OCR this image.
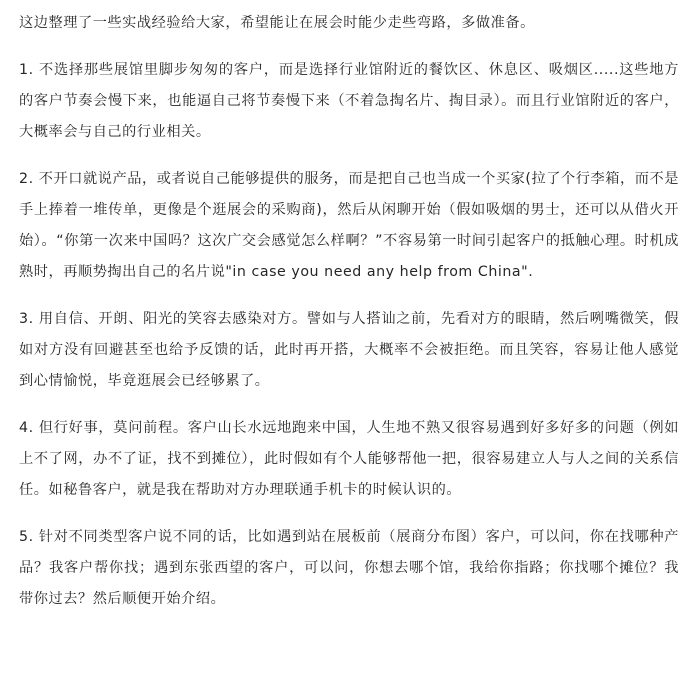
这边整理了一些实战经验给大家，希望能让在展会时能少走些弯路，多做准备。

1. 不选择那些展馆里脚步匆匆的客户，而是选择行业馆附近的餐饮区、休息区、吸烟区.....这些地方的客户节奏会慢下来，也能逼自己将节奏慢下来（不着急掏名片、掏目录）。而且行业馆附近的客户，大概率会与自己的行业相关。

2. 不开口就说产品，或者说自己能够提供的服务，而是把自己也当成一个买家(拉了个行李箱，而不是手上捧着一堆传单，更像是个逛展会的采购商)，然后从闲聊开始（假如吸烟的男士，还可以从借火开始）。“你第一次来中国吗？这次广交会感觉怎么样啊？”不容易第一时间引起客户的抵触心理。时机成熟时，再顺势掏出自己的名片说"in case you need any help from China".

3. 用自信、开朗、阳光的笑容去感染对方。譬如与人搭讪之前，先看对方的眼睛，然后咧嘴微笑，假如对方没有回避甚至也给予反馈的话，此时再开搭，大概率不会被拒绝。而且笑容，容易让他人感觉到心情愉悦，毕竟逛展会已经够累了。

4. 但行好事，莫问前程。客户山长水远地跑来中国，人生地不熟又很容易遇到好多好多的问题（例如上不了网，办不了证，找不到摊位），此时假如有个人能够帮他一把，很容易建立人与人之间的关系信任。如秘鲁客户，就是我在帮助对方办理联通手机卡的时候认识的。

5. 针对不同类型客户说不同的话，比如遇到站在展板前（展商分布图）客户，可以问，你在找哪种产品？我客户帮你找；遇到东张西望的客户，可以问，你想去哪个馆，我给你指路；你找哪个摊位？我带你过去？然后顺便开始介绍。
